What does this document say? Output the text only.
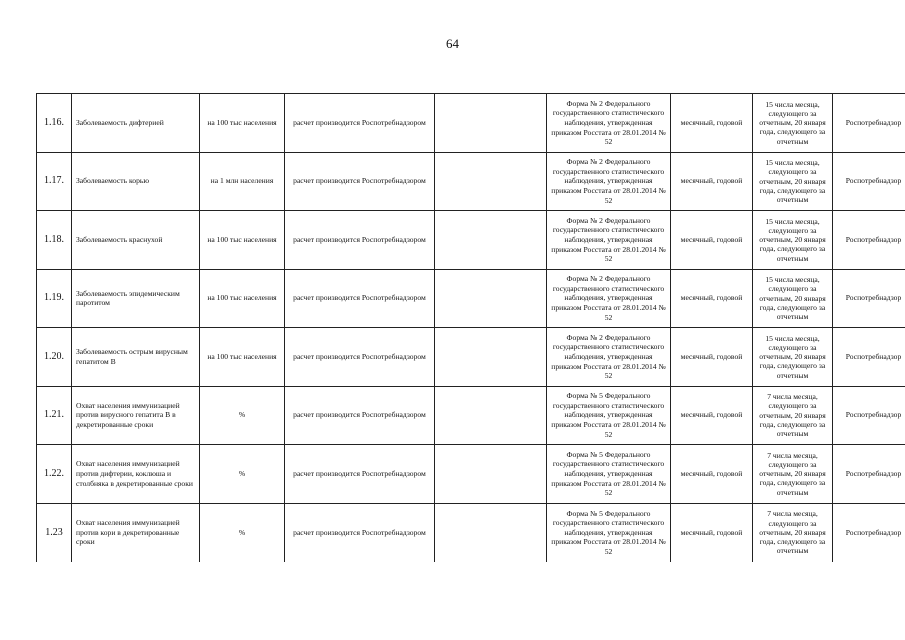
64
1.16.	Заболеваемость дифтерией	на 100 тыс населения	расчет производится Роспотребнадзором		Форма № 2 Федерального государственного статистического наблюдения, утвержденная приказом Росстата от 28.01.2014 № 52	месячный, годовой	15 числа месяца, следующего за отчетным, 20 января года, следующего за отчетным	Роспотребнадзор
1.17.	Заболеваемость корью	на 1 млн населения	расчет производится Роспотребнадзором		Форма № 2 Федерального государственного статистического наблюдения, утвержденная приказом Росстата от 28.01.2014 № 52	месячный, годовой	15 числа месяца, следующего за отчетным, 20 января года, следующего за отчетным	Роспотребнадзор
1.18.	Заболеваемость краснухой	на 100 тыс населения	расчет производится Роспотребнадзором		Форма № 2 Федерального государственного статистического наблюдения, утвержденная приказом Росстата от 28.01.2014 № 52	месячный, годовой	15 числа месяца, следующего за отчетным, 20 января года, следующего за отчетным	Роспотребнадзор
1.19.	Заболеваемость эпидемическим паротитом	на 100 тыс населения	расчет производится Роспотребнадзором		Форма № 2 Федерального государственного статистического наблюдения, утвержденная приказом Росстата от 28.01.2014 № 52	месячный, годовой	15 числа месяца, следующего за отчетным, 20 января года, следующего за отчетным	Роспотребнадзор
1.20.	Заболеваемость острым вирусным гепатитом В	на 100 тыс населения	расчет производится Роспотребнадзором		Форма № 2 Федерального государственного статистического наблюдения, утвержденная приказом Росстата от 28.01.2014 № 52	месячный, годовой	15 числа месяца, следующего за отчетным, 20 января года, следующего за отчетным	Роспотребнадзор
1.21.	Охват населения иммунизацией против вирусного гепатита В в декретированные сроки	%	расчет производится Роспотребнадзором		Форма № 5 Федерального государственного статистического наблюдения, утвержденная приказом Росстата от 28.01.2014 № 52	месячный, годовой	7 числа месяца, следующего за отчетным, 20 января года, следующего за отчетным	Роспотребнадзор
1.22.	Охват населения иммунизацией против дифтерии, коклюша и столбняка в декретированные сроки	%	расчет производится Роспотребнадзором		Форма № 5 Федерального государственного статистического наблюдения, утвержденная приказом Росстата от 28.01.2014 № 52	месячный, годовой	7 числа месяца, следующего за отчетным, 20 января года, следующего за отчетным	Роспотребнадзор
1.23	Охват населения иммунизацией против кори в декретированные сроки	%	расчет производится Роспотребнадзором		Форма № 5 Федерального государственного статистического наблюдения, утвержденная приказом Росстата от 28.01.2014 № 52	месячный, годовой	7 числа месяца, следующего за отчетным, 20 января года, следующего за отчетным	Роспотребнадзор
